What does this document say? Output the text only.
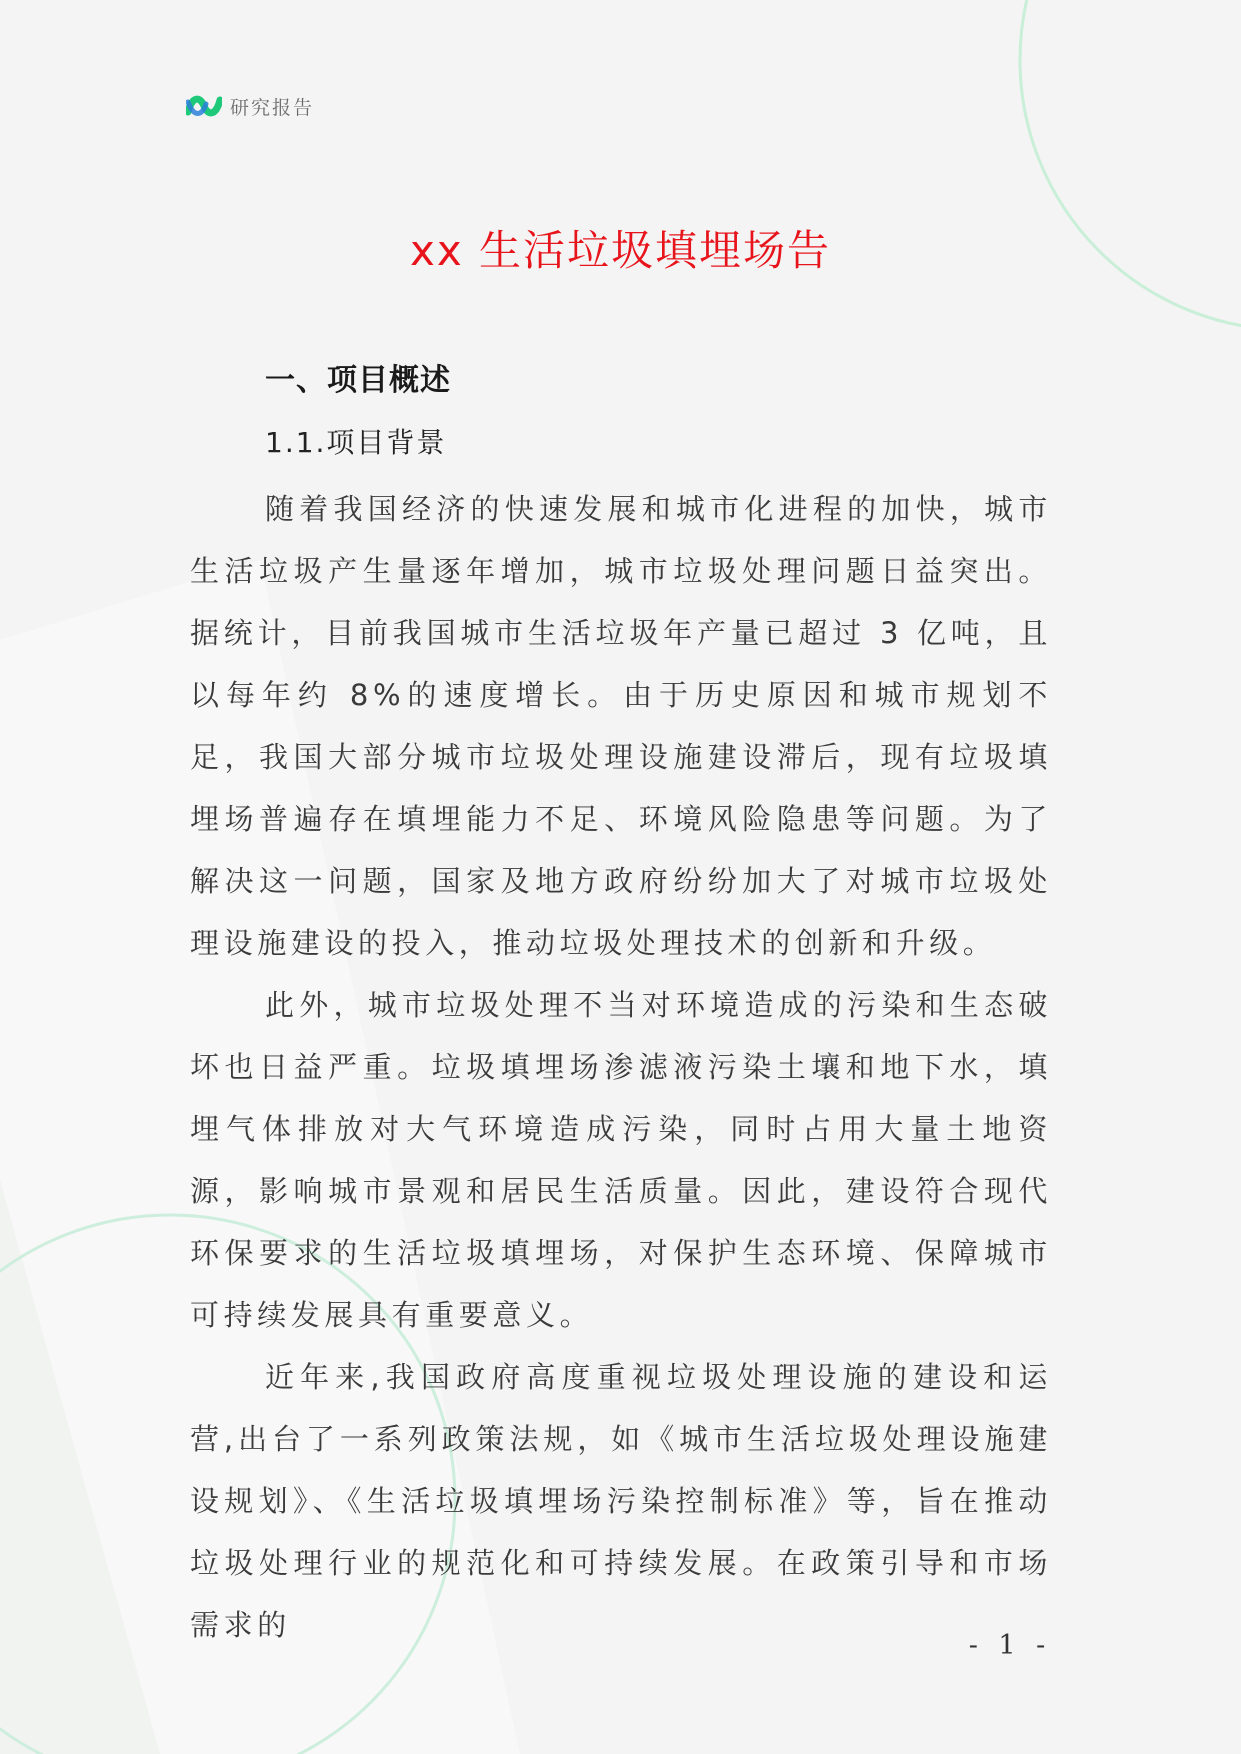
研究报告
xx 生活垃圾填埋场告
一、项目概述
1.1.项目背景

随着我国经济的快速发展和城市化进程的加快，城市生活垃圾产生量逐年增加，城市垃圾处理问题日益突出。据统计，目前我国城市生活垃圾年产量已超过 3 亿吨，且以每年约 8%的速度增长。由于历史原因和城市规划不足，我国大部分城市垃圾处理设施建设滞后，现有垃圾填埋场普遍存在填埋能力不足、环境风险隐患等问题。为了解决这一问题，国家及地方政府纷纷加大了对城市垃圾处理设施建设的投入，推动垃圾处理技术的创新和升级。

此外，城市垃圾处理不当对环境造成的污染和生态破坏也日益严重。垃圾填埋场渗滤液污染土壤和地下水，填埋气体排放对大气环境造成污染，同时占用大量土地资源，影响城市景观和居民生活质量。因此，建设符合现代环保要求的生活垃圾填埋场，对保护生态环境、保障城市可持续发展具有重要意义。

近年来,我国政府高度重视垃圾处理设施的建设和运营,出台了一系列政策法规，如《城市生活垃圾处理设施建设规划》、《生活垃圾填埋场污染控制标准》等，旨在推动垃圾处理行业的规范化和可持续发展。在政策引导和市场需求的

- 1 -
